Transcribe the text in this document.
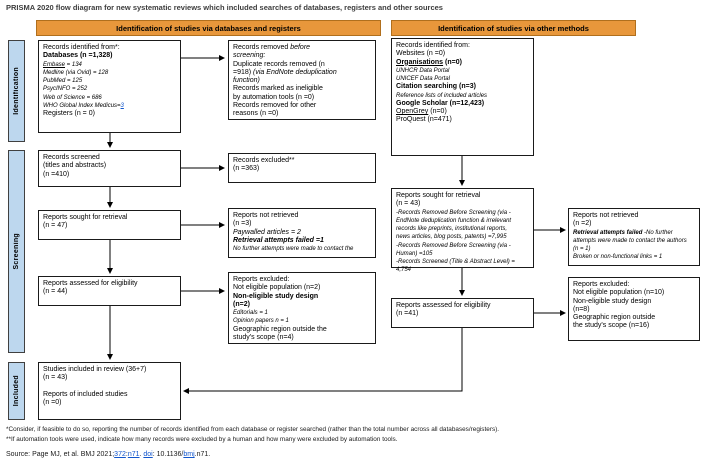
PRISMA 2020 flow diagram for new systematic reviews which included searches of databases, registers and other sources
Identification of studies via databases and registers	Identification of studies via other methods
Identification
Screening
Included
Records identified from*:
Databases (n =1,328)
Embase = 134
Medline (via Ovid) = 128
PubMed = 125
PsycINFO = 252
Web of Science = 686
WHO Global Index Medicus=3
Registers (n = 0)
Records screened
(titles and abstracts)
(n =410)
Reports sought for retrieval
(n = 47)
Reports assessed for eligibility
(n = 44)
Studies included in review (36+7)
(n = 43)

Reports of included studies
(n =0)
Records removed before
screening:
Duplicate records removed (n
=918) (via EndNote deduplication
function)
Records marked as ineligible
by automation tools (n =0)
Records removed for other
reasons (n =0)
Records excluded**
(n =363)
Reports not retrieved
(n =3)
Paywalled articles = 2
Retrieval attempts failed =1
No further attempts were made to contact the
Reports excluded:
Not eligible population (n=2)
Non-eligible study design
(n=2)
Editorials = 1
Opinion papers n = 1
Geographic region outside the
study's scope (n=4)
Records identified from:
Websites (n =0)
Organisations (n=0)
UNHCR Data Portal
UNICEF Data Portal
Citation searching (n=3)
Reference lists of included articles
Google Scholar (n=12,423)
OpenGrey (n=0)
ProQuest (n=471)
Reports sought for retrieval
(n = 43)
-Records Removed Before Screening (via -
EndNote deduplication function & irrelevant
records like preprints, institutional reports,
news articles, blog posts, patents) =7,995
-Records Removed Before Screening (via -
Human) =105
-Records Screened (Title & Abstract Level) =
4,754
Reports assessed for eligibility
(n =41)
Reports not retrieved
(n =2)
Retrieval attempts failed -No further
attempts were made to contact the authors
(n = 1)
Broken or non-functional links = 1
Reports excluded:
Not eligible population (n=10)
Non-eligible study design
(n=8)
Geographic region outside
the study's scope (n=16)
*Consider, if feasible to do so, reporting the number of records identified from each database or register searched (rather than the total number across all databases/registers).
**If automation tools were used, indicate how many records were excluded by a human and how many were excluded by automation tools.
Source: Page MJ, et al. BMJ 2021;372:n71. doi: 10.1136/bmj.n71.
